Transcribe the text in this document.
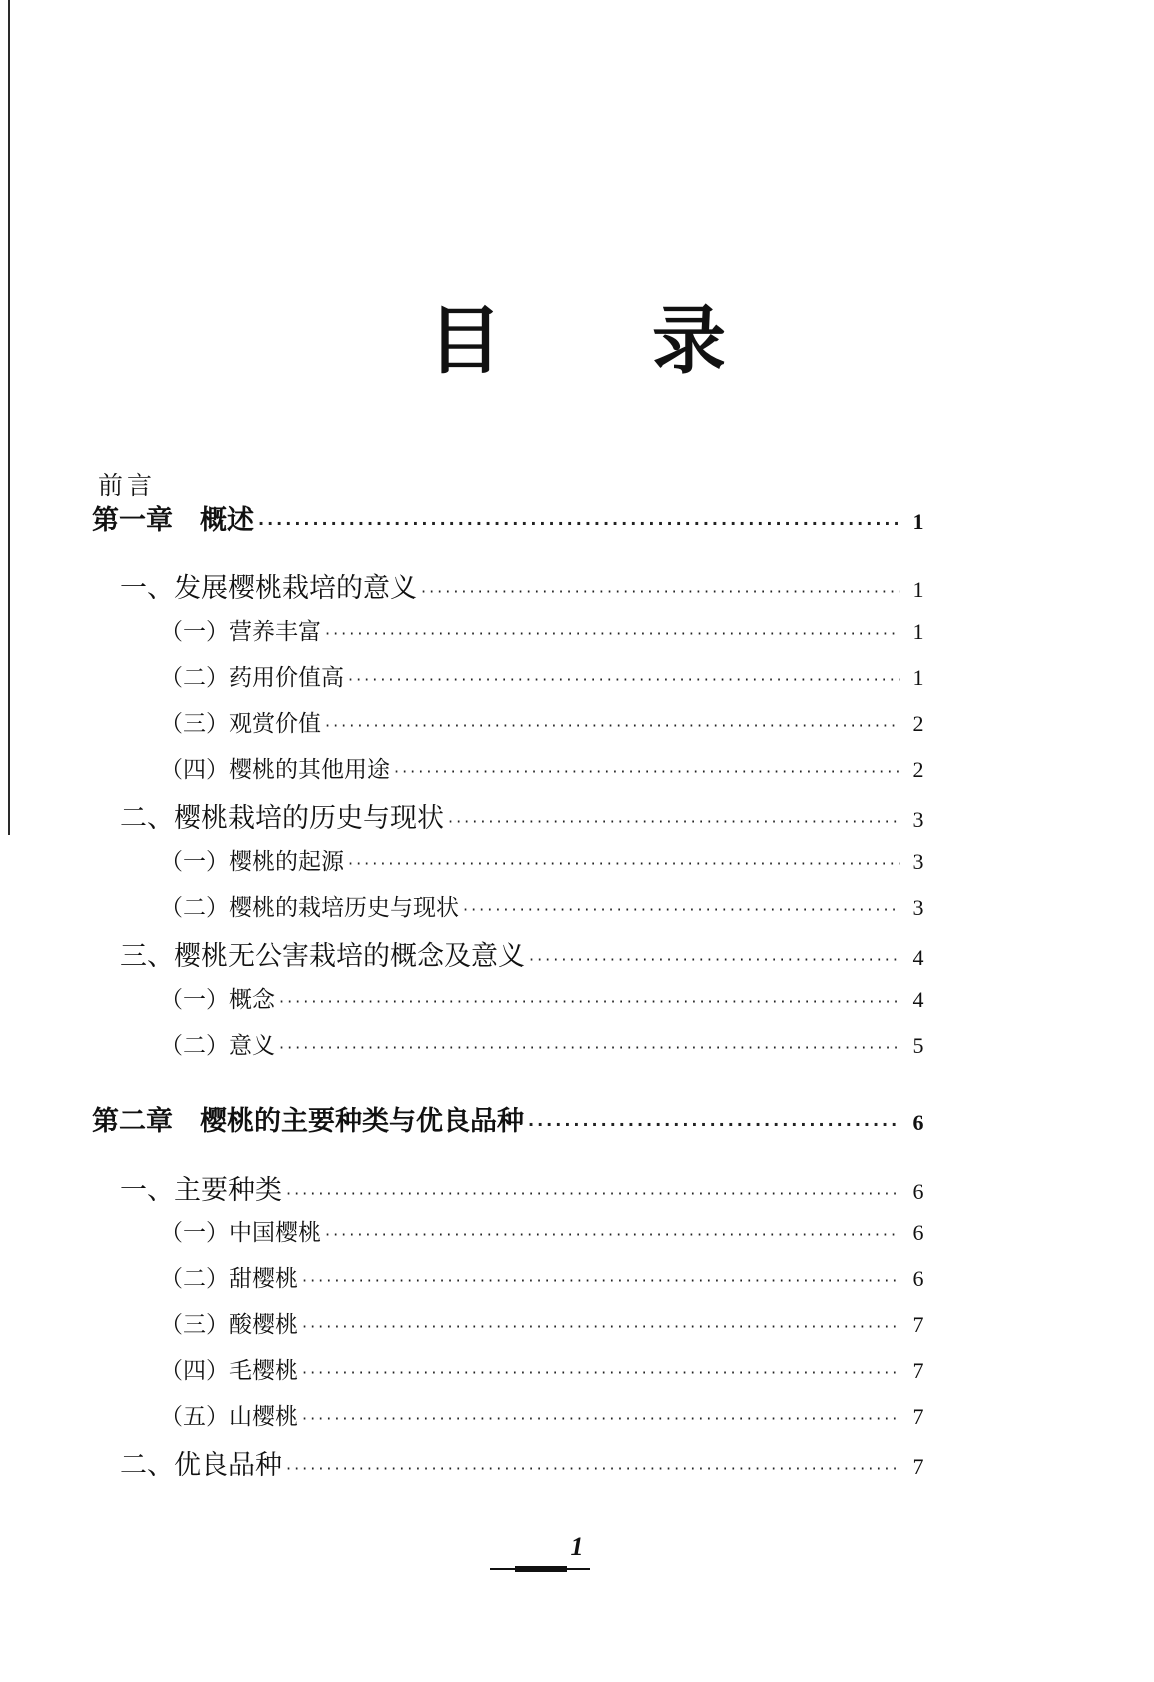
目 录
前言
第一章　概述 ·····	1
一、发展樱桃栽培的意义 ·····	1
（一）营养丰富 ·····	1
（二）药用价值高 ·····	1
（三）观赏价值 ·····	2
（四）樱桃的其他用途 ·····	2
二、樱桃栽培的历史与现状 ·····	3
（一）樱桃的起源 ·····	3
（二）樱桃的栽培历史与现状 ·····	3
三、樱桃无公害栽培的概念及意义 ·····	4
（一）概念 ·····	4
（二）意义 ·····	5
第二章　樱桃的主要种类与优良品种 ·····	6
一、主要种类 ·····	6
（一）中国樱桃 ·····	6
（二）甜樱桃 ·····	6
（三）酸樱桃 ·····	7
（四）毛樱桃 ·····	7
（五）山樱桃 ·····	7
二、优良品种 ·····	7
1
